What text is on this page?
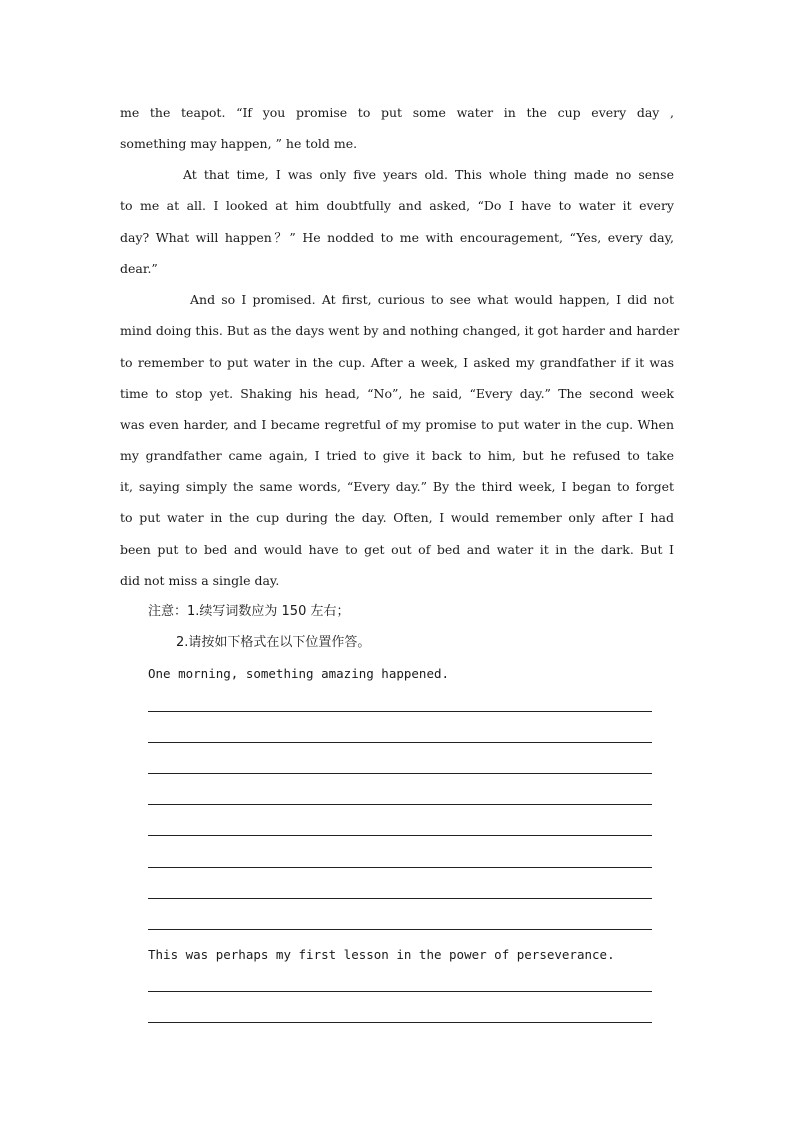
me the teapot. “If you promise to put some water in the cup every day ,
something may happen, ” he told me.
At that time, I was only five years old. This whole thing made no sense
to me at all. I looked at him doubtfully and asked, “Do I have to water it every
day? What will happen？” He nodded to me with encouragement, “Yes, every day,
dear.”
And so I promised. At first, curious to see what would happen, I did not
mind doing this. But as the days went by and nothing changed, it got harder and harder
to remember to put water in the cup. After a week, I asked my grandfather if it was
time to stop yet. Shaking his head, “No”, he said, “Every day.” The second week
was even harder, and I became regretful of my promise to put water in the cup. When
my grandfather came again, I tried to give it back to him, but he refused to take
it, saying simply the same words, “Every day.” By the third week, I began to forget
to put water in the cup during the day. Often, I would remember only after I had
been put to bed and would have to get out of bed and water it in the dark. But I
did not miss a single day.
注意：1.续写词数应为 150 左右；
2.请按如下格式在以下位置作答。
One morning, something amazing happened.
This was perhaps my first lesson in the power of perseverance.
